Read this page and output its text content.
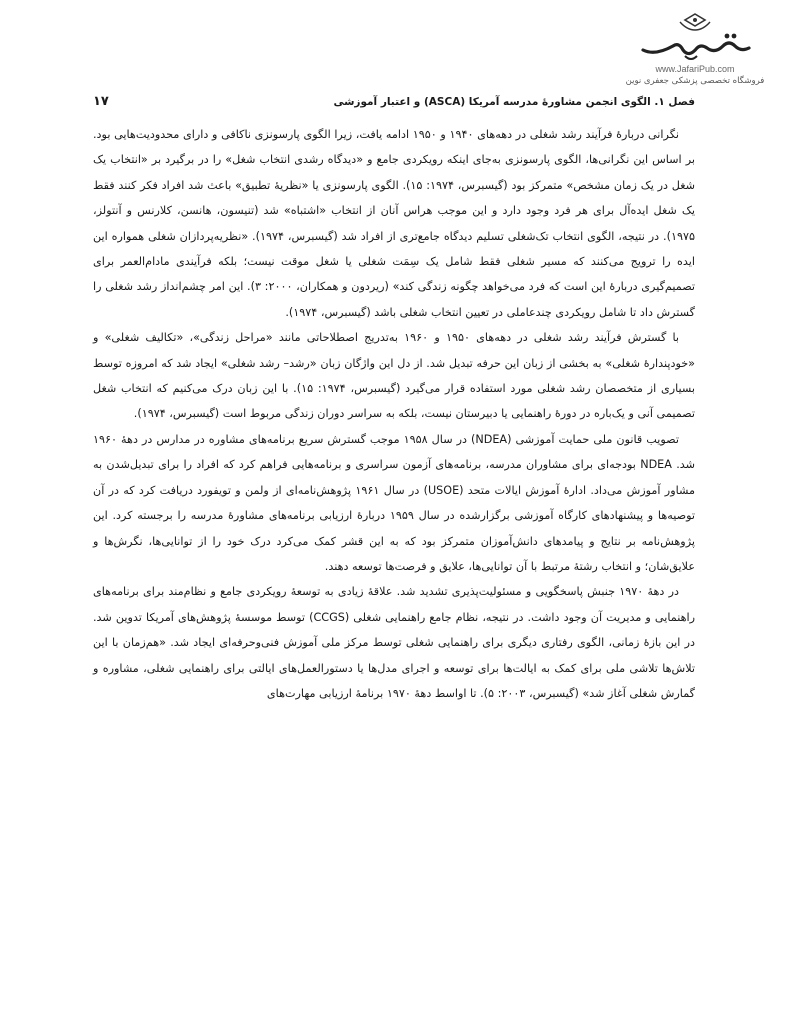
www.JafariPub.com
فروشگاه تخصصی پزشکی جعفری نوین
فصل ۱. الگوی انجمن مشاورهٔ مدرسه آمریکا (ASCA) و اعتبار آموزشی
۱۷

نگرانی دربارهٔ فرآیند رشد شغلی در دهه‌های ۱۹۴۰ و ۱۹۵۰ ادامه یافت، زیرا الگوی پارسونزی ناکافی و دارای محدودیت‌هایی بود. بر اساس این نگرانی‌ها، الگوی پارسونزی به‌جای اینکه رویکردی جامع و «دیدگاه رشدی انتخاب شغل» را در برگیرد بر «انتخاب یک شغل در یک زمان مشخص» متمرکز بود (گیسبرس، ۱۹۷۴: ۱۵). الگوی پارسونزی یا «نظریهٔ تطبیق» باعث شد افراد فکر کنند فقط یک شغل ایده‌آل برای هر فرد وجود دارد و این موجب هراس آنان از انتخاب «اشتباه» شد (تنیسون، هانسن، کلارنس و آنتولز، ۱۹۷۵). در نتیجه، الگوی انتخاب تک‌شغلی تسلیم دیدگاه جامع‌تری از افراد شد (گیسبرس، ۱۹۷۴). «نظریه‌پردازان شغلی همواره این ایده را ترویج می‌کنند که مسیر شغلی فقط شامل یک سِمَت شغلی یا شغل موقت نیست؛ بلکه فرآیندی مادام‌العمر برای تصمیم‌گیری دربارهٔ این است که فرد می‌خواهد چگونه زندگی کند» (ریردون و همکاران، ۲۰۰۰: ۳). این امر چشم‌انداز رشد شغلی را گسترش داد تا شامل رویکردی چندعاملی در تعیین انتخاب شغلی باشد (گیسبرس، ۱۹۷۴).

با گسترش فرآیند رشد شغلی در دهه‌های ۱۹۵۰ و ۱۹۶۰ به‌تدریج اصطلاحاتی مانند «مراحل زندگی»، «تکالیف شغلی» و «خودپندارهٔ شغلی» به بخشی از زبان این حرفه تبدیل شد. از دل این واژگان زبان «رشد– رشد شغلی» ایجاد شد که امروزه توسط بسیاری از متخصصان رشد شغلی مورد استفاده قرار می‌گیرد (گیسبرس، ۱۹۷۴: ۱۵). با این زبان درک می‌کنیم که انتخاب شغل تصمیمی آنی و یک‌باره در دورهٔ راهنمایی یا دبیرستان نیست، بلکه به سراسر دوران زندگی مربوط است (گیسبرس، ۱۹۷۴).

تصویب قانون ملی حمایت آموزشی (NDEA) در سال ۱۹۵۸ موجب گسترش سریع برنامه‌های مشاوره در مدارس در دههٔ ۱۹۶۰ شد. NDEA بودجه‌ای برای مشاوران مدرسه، برنامه‌های آزمون سراسری و برنامه‌هایی فراهم کرد که افراد را برای تبدیل‌شدن به مشاور آموزش می‌داد. ادارهٔ آموزش ایالات متحد (USOE) در سال ۱۹۶۱ پژوهش‌نامه‌ای از ولمن و تویفورد دریافت کرد که در آن توصیه‌ها و پیشنهادهای کارگاه آموزشی برگزارشده در سال ۱۹۵۹ دربارهٔ ارزیابی برنامه‌های مشاورهٔ مدرسه را برجسته کرد. این پژوهش‌نامه بر نتایج و پیامدهای دانش‌آموزان متمرکز بود که به این قشر کمک می‌کرد درک خود را از توانایی‌ها، نگرش‌ها و علایق‌شان؛ و انتخاب رشتهٔ مرتبط با آن توانایی‌ها، علایق و فرصت‌ها توسعه دهند.

در دههٔ ۱۹۷۰ جنبش پاسخگویی و مسئولیت‌پذیری تشدید شد. علاقهٔ زیادی به توسعهٔ رویکردی جامع و نظام‌مند برای برنامه‌های راهنمایی و مدیریت آن وجود داشت. در نتیجه، نظام جامع راهنمایی شغلی (CCGS) توسط موسسهٔ پژوهش‌های آمریکا تدوین شد. در این بازهٔ زمانی، الگوی رفتاری دیگری برای راهنمایی شغلی توسط مرکز ملی آموزش فنی‌وحرفه‌ای ایجاد شد. «هم‌زمان با این تلاش‌ها تلاشی ملی برای کمک به ایالت‌ها برای توسعه و اجرای مدل‌ها یا دستورالعمل‌های ایالتی برای راهنمایی شغلی، مشاوره و گمارش شغلی آغاز شد» (گیسبرس، ۲۰۰۳: ۵). تا اواسط دههٔ ۱۹۷۰ برنامهٔ ارزیابی مهارت‌های
